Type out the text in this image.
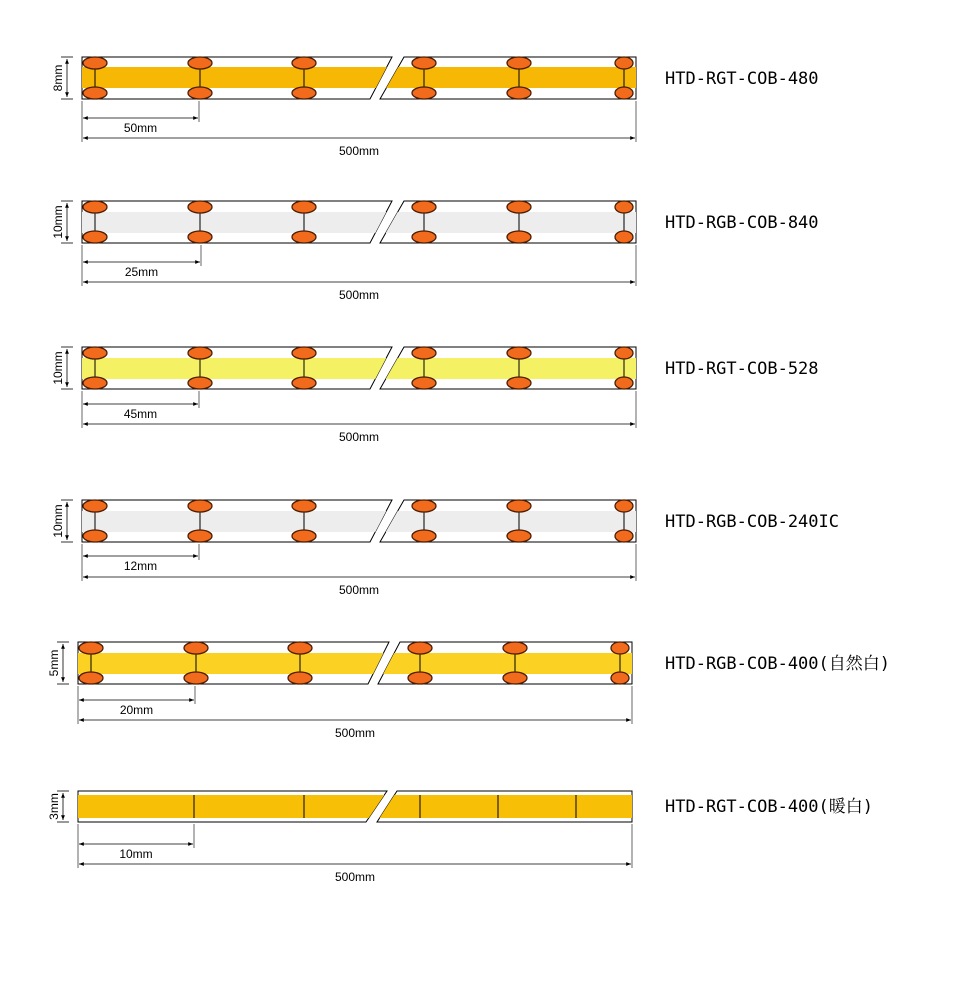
8mm
50mm
500mm
HTD-RGT-COB-480
10mm
25mm
500mm
HTD-RGB-COB-840
10mm
45mm
500mm
HTD-RGT-COB-528
10mm
12mm
500mm
HTD-RGB-COB-240IC
5mm
20mm
500mm
HTD-RGB-COB-400(自然白)
3mm
10mm
500mm
HTD-RGT-COB-400(暖白)
